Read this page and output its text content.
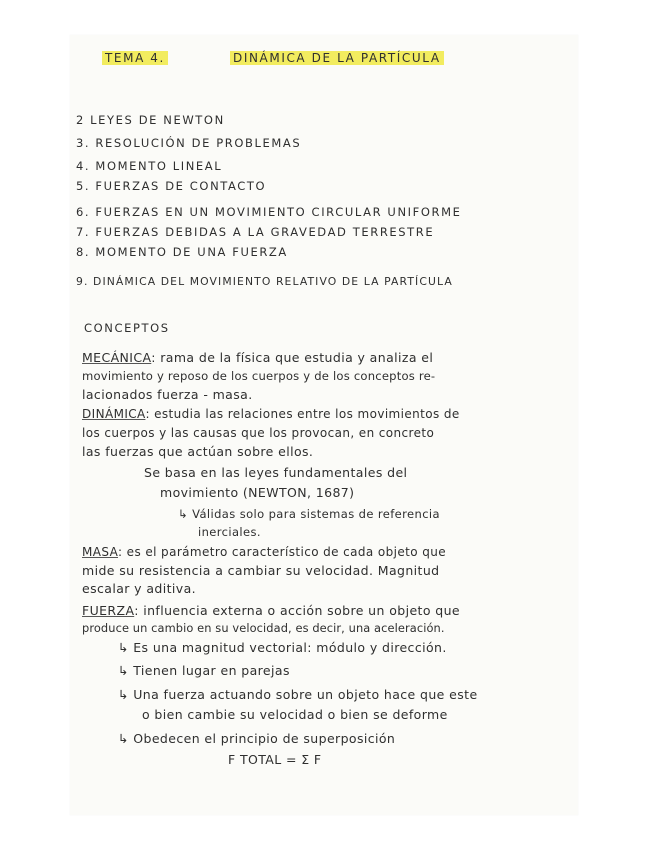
TEMA 4.	DINÁMICA DE LA PARTÍCULA
2 LEYES DE NEWTON
3. RESOLUCIÓN DE PROBLEMAS
4. MOMENTO LINEAL
5. FUERZAS DE CONTACTO
6. FUERZAS EN UN MOVIMIENTO CIRCULAR UNIFORME
7. FUERZAS DEBIDAS A LA GRAVEDAD TERRESTRE
8. MOMENTO DE UNA FUERZA
9. DINÁMICA DEL MOVIMIENTO RELATIVO DE LA PARTÍCULA
CONCEPTOS
MECÁNICA: rama de la física que estudia y analiza el
movimiento y reposo de los cuerpos y de los conceptos re-
lacionados fuerza - masa.
DINÁMICA: estudia las relaciones entre los movimientos de
los cuerpos y las causas que los provocan, en concreto
las fuerzas que actúan sobre ellos.
Se basa en las leyes fundamentales del
movimiento (NEWTON, 1687)
↳ Válidas solo para sistemas de referencia
inerciales.
MASA: es el parámetro característico de cada objeto que
mide su resistencia a cambiar su velocidad. Magnitud
escalar y aditiva.
FUERZA: influencia externa o acción sobre un objeto que
produce un cambio en su velocidad, es decir, una aceleración.
↳ Es una magnitud vectorial: módulo y dirección.
↳ Tienen lugar en parejas
↳ Una fuerza actuando sobre un objeto hace que este
o bien cambie su velocidad o bien se deforme
↳ Obedecen el principio de superposición
F TOTAL = Σ F
